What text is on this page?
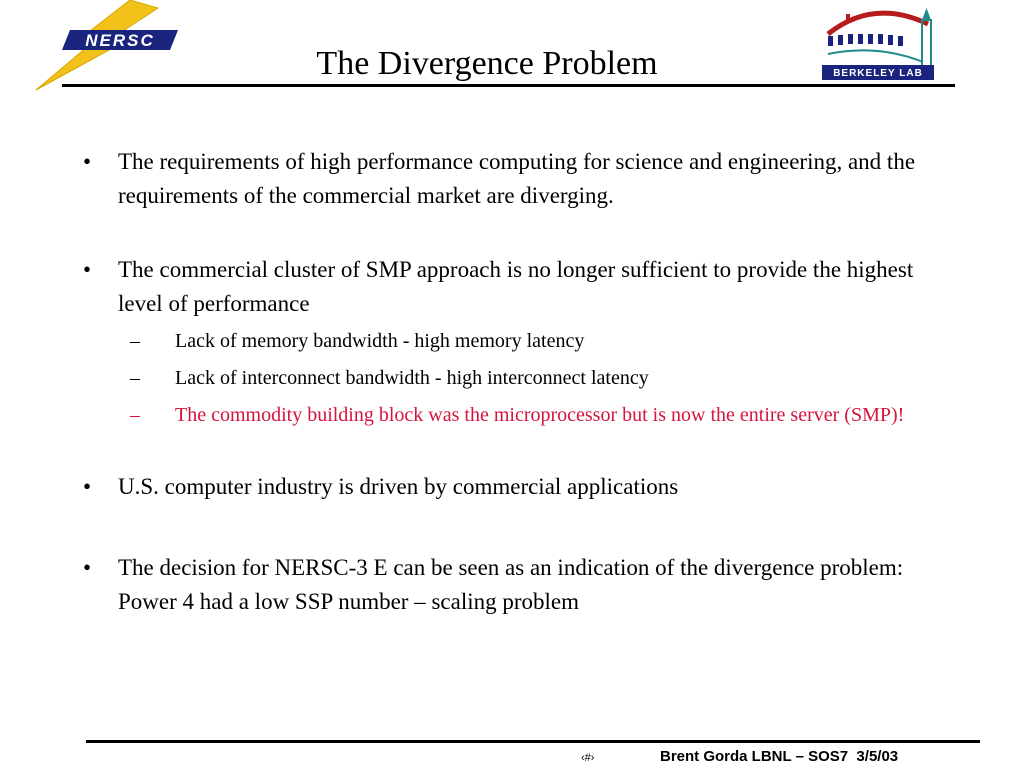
NERSC
BERKELEY LAB
The Divergence Problem
• The requirements of high performance computing for science and engineering, and the requirements of the commercial market are diverging.
• The commercial cluster of SMP approach is no longer sufficient to provide the highest level of performance
– Lack of memory bandwidth - high memory latency
– Lack of interconnect bandwidth - high interconnect latency
– The commodity building block was the microprocessor but is now the entire server (SMP)!
• U.S. computer industry is driven by commercial applications
• The decision for NERSC-3 E can be seen as an indication of the divergence problem: Power 4 had a low SSP number – scaling problem
‹#›	Brent Gorda LBNL – SOS7  3/5/03
